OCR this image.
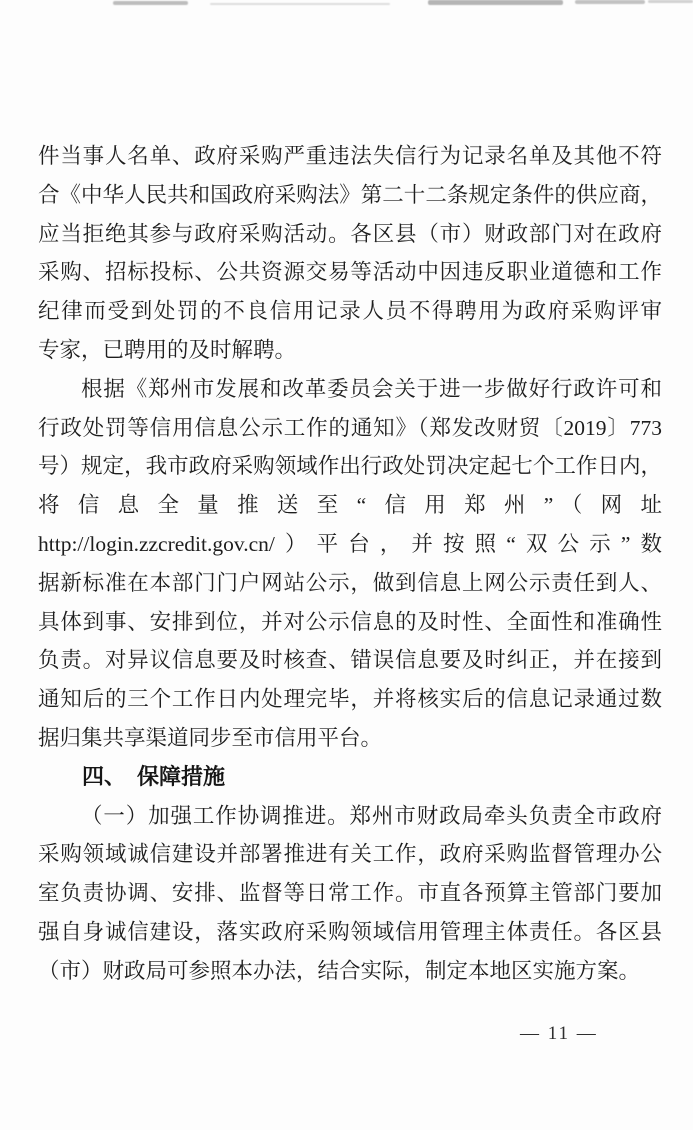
件当事人名单、政府采购严重违法失信行为记录名单及其他不符
合《中华人民共和国政府采购法》第二十二条规定条件的供应商，
应当拒绝其参与政府采购活动。各区县（市）财政部门对在政府
采购、招标投标、公共资源交易等活动中因违反职业道德和工作
纪律而受到处罚的不良信用记录人员不得聘用为政府采购评审
专家，已聘用的及时解聘。
根据《郑州市发展和改革委员会关于进一步做好行政许可和
行政处罚等信用信息公示工作的通知》（郑发改财贸〔2019〕773
号）规定，我市政府采购领域作出行政处罚决定起七个工作日内，
将信息全量推送至“信用郑州”（网址
http://login.zzcredit.gov.cn/）平台，并按照“双公示”数
据新标准在本部门门户网站公示，做到信息上网公示责任到人、
具体到事、安排到位，并对公示信息的及时性、全面性和准确性
负责。对异议信息要及时核查、错误信息要及时纠正，并在接到
通知后的三个工作日内处理完毕，并将核实后的信息记录通过数
据归集共享渠道同步至市信用平台。
四、　保障措施
（一）加强工作协调推进。郑州市财政局牵头负责全市政府
采购领域诚信建设并部署推进有关工作，政府采购监督管理办公
室负责协调、安排、监督等日常工作。市直各预算主管部门要加
强自身诚信建设，落实政府采购领域信用管理主体责任。各区县
（市）财政局可参照本办法，结合实际，制定本地区实施方案。
— 11 —
